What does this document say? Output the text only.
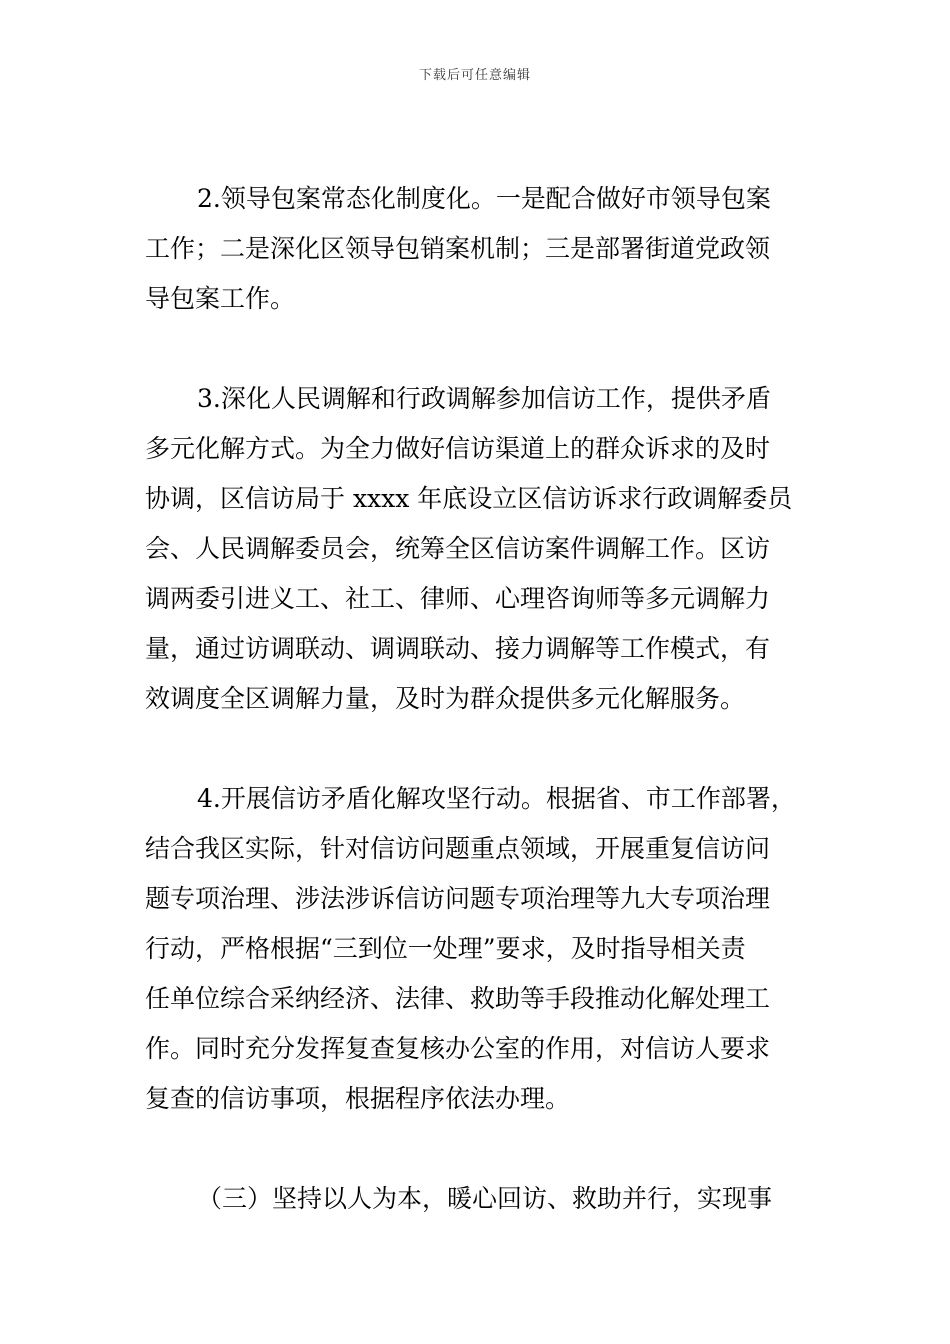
下载后可任意编辑
2.领导包案常态化制度化。一是配合做好市领导包案
工作；二是深化区领导包销案机制；三是部署街道党政领
导包案工作。
3.深化人民调解和行政调解参加信访工作，提供矛盾
多元化解方式。为全力做好信访渠道上的群众诉求的及时
协调，区信访局于 xxxx 年底设立区信访诉求行政调解委员
会、人民调解委员会，统筹全区信访案件调解工作。区访
调两委引进义工、社工、律师、心理咨询师等多元调解力
量，通过访调联动、调调联动、接力调解等工作模式，有
效调度全区调解力量，及时为群众提供多元化解服务。
4.开展信访矛盾化解攻坚行动。根据省、市工作部署，
结合我区实际，针对信访问题重点领域，开展重复信访问
题专项治理、涉法涉诉信访问题专项治理等九大专项治理
行动，严格根据“三到位一处理”要求，及时指导相关责
任单位综合采纳经济、法律、救助等手段推动化解处理工
作。同时充分发挥复查复核办公室的作用，对信访人要求
复查的信访事项，根据程序依法办理。
（三）坚持以人为本，暖心回访、救助并行，实现事
